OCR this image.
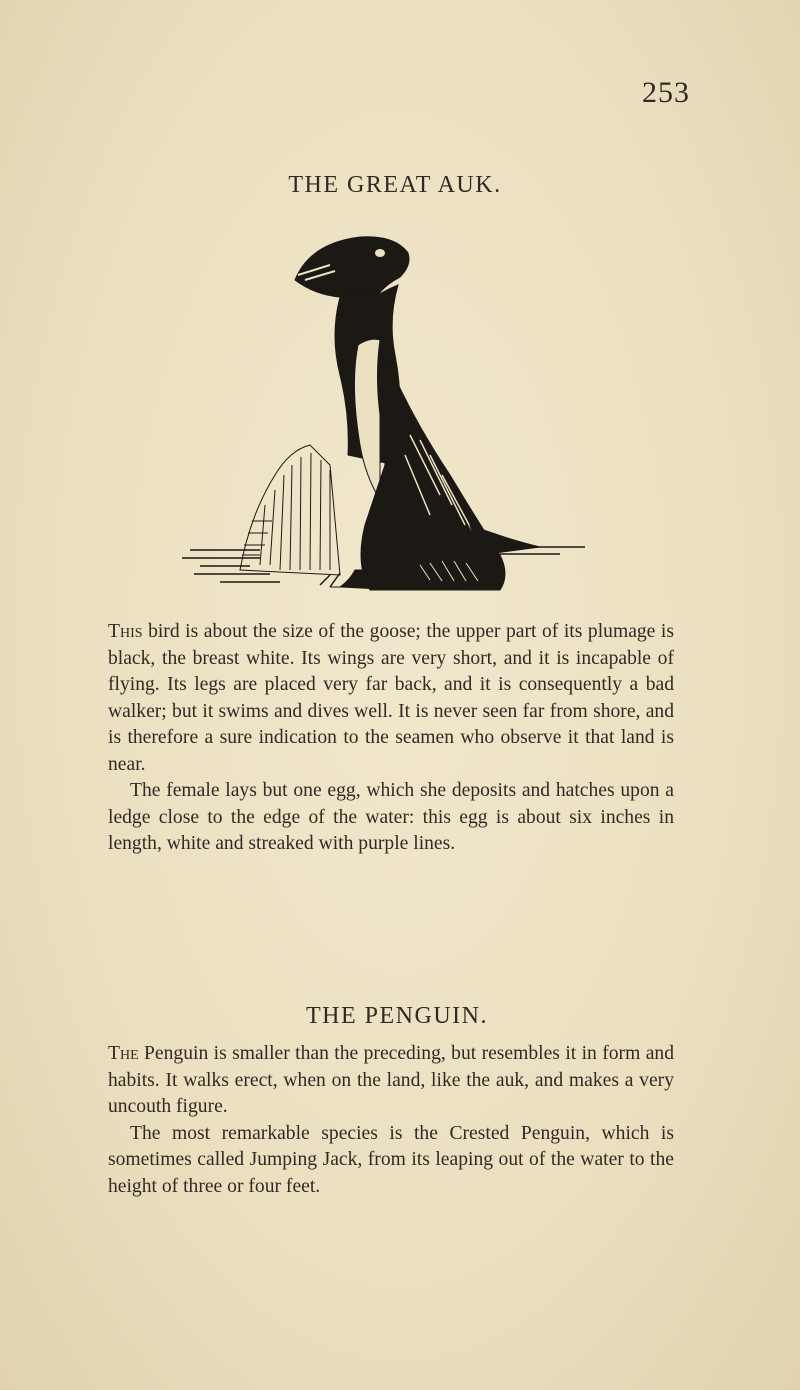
253
THE GREAT AUK.

This bird is about the size of the goose; the upper part of its plumage is black, the breast white. Its wings are very short, and it is incapable of flying. Its legs are placed very far back, and it is consequently a bad walker; but it swims and dives well. It is never seen far from shore, and is therefore a sure indication to the seamen who observe it that land is near.

The female lays but one egg, which she deposits and hatches upon a ledge close to the edge of the water: this egg is about six inches in length, white and streaked with purple lines.

THE PENGUIN.

The Penguin is smaller than the preceding, but resembles it in form and habits. It walks erect, when on the land, like the auk, and makes a very uncouth figure.

The most remarkable species is the Crested Penguin, which is sometimes called Jumping Jack, from its leaping out of the water to the height of three or four feet.
